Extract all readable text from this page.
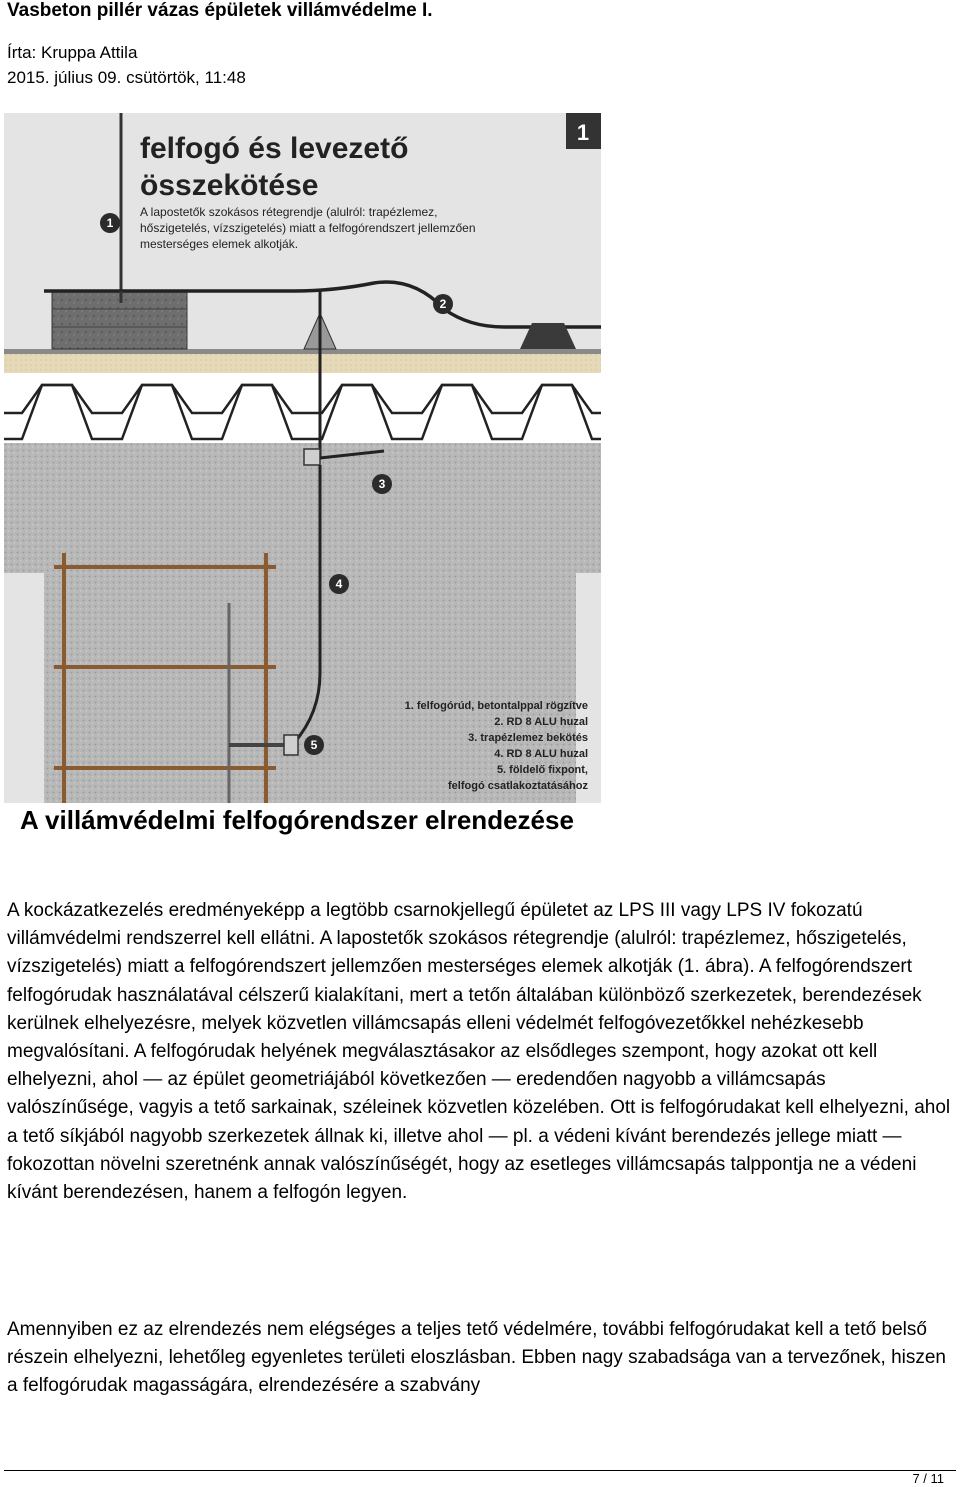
Vasbeton pillér vázas épületek villámvédelme I.
Írta: Kruppa Attila
2015. július 09. csütörtök, 11:48
1
felfogó és levezető
összekötése
A lapostetők szokásos rétegrendje (alulról: trapézlemez,
hőszigetelés, vízszigetelés) miatt a felfogórendszert jellemzően
mesterséges elemek alkotják.
1
2
3
4
5
1. felfogórúd, betontalppal rögzítve
2. RD 8 ALU huzal
3. trapézlemez bekötés
4. RD 8 ALU huzal
5. földelő fixpont,
felfogó csatlakoztatásához
A villámvédelmi felfogórendszer elrendezése

A kockázatkezelés eredményeképp a legtöbb csarnokjellegű épületet az LPS III vagy LPS IV fokozatú villámvédelmi rendszerrel kell ellátni. A lapostetők szokásos rétegrendje (alulról: trapézlemez, hőszigetelés, vízszigetelés) miatt a felfogórendszert jellemzően mesterséges elemek alkotják (1. ábra). A felfogórendszert felfogórudak használatával célszerű kialakítani, mert a tetőn általában különböző szerkezetek, berendezések kerülnek elhelyezésre, melyek közvetlen villámcsapás elleni védelmét felfogóvezetőkkel nehézkesebb megvalósítani. A felfogórudak helyének megválasztásakor az elsődleges szempont, hogy azokat ott kell elhelyezni, ahol — az épület geometriájából következően — eredendően nagyobb a villámcsapás valószínűsége, vagyis a tető sarkainak, széleinek közvetlen közelében. Ott is felfogórudakat kell elhelyezni, ahol a tető síkjából nagyobb szerkezetek állnak ki, illetve ahol — pl. a védeni kívánt berendezés jellege miatt — fokozottan növelni szeretnénk annak valószínűségét, hogy az esetleges villámcsapás talppontja ne a védeni kívánt berendezésen, hanem a felfogón legyen.

Amennyiben ez az elrendezés nem elégséges a teljes tető védelmére, további felfogórudakat kell a tető belső részein elhelyezni, lehetőleg egyenletes területi eloszlásban. Ebben nagy szabadsága van a tervezőnek, hiszen a felfogórudak magasságára, elrendezésére a szabvány

7 / 11
